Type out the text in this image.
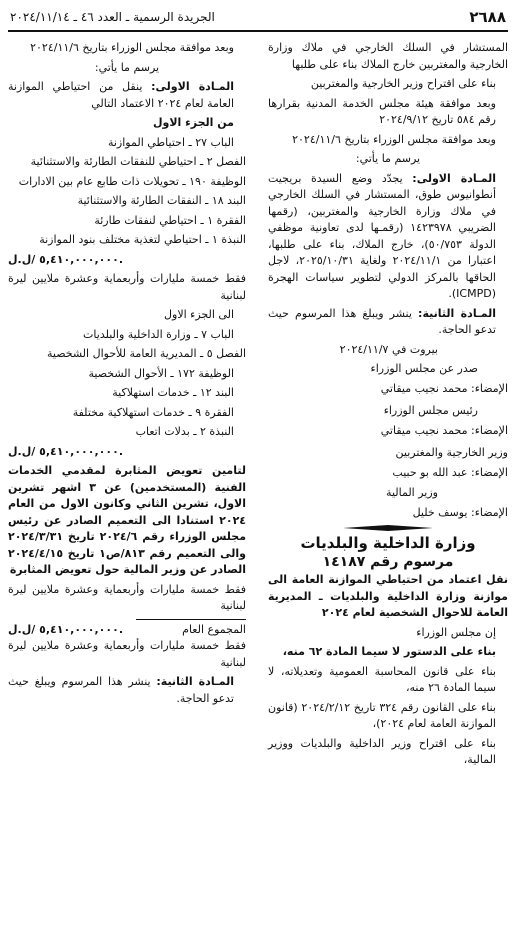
٢٦٨٨
الجريدة الرسمية ـ العدد ٤٦ ـ ٢٠٢٤/١١/١٤

المستشار في السلك الخارجي في ملاك وزارة الخارجية والمغتربين خارج الملاك بناء على طلبها

بناء على اقتراح وزير الخارجية والمغتربين

وبعد موافقة هيئة مجلس الخدمة المدنية بقرارها رقم ٥٨٤ تاريخ ٢٠٢٤/٩/١٢

وبعد موافقة مجلس الوزراء بتاريخ ٢٠٢٤/١١/٦

يرسم ما يأتي:

المـادة الاولى: يجدّد وضع السيدة بريجيت أنطوانيوس طوق، المستشار في السلك الخارجي في ملاك وزارة الخارجية والمغتربين، (رقمها الضريبي ١٤٢٣٩٧٨ (رقمـها لدى تعاونية موظفي الدولة ٥٠/٧٥٣)، خارج الملاك، بناء على طلبها، اعتبارا من ٢٠٢٤/١١/١ ولغاية ٢٠٢٥/١٠/٣١، لاجل الحاقها بالمركز الدولي لتطوير سياسات الهجرة (ICMPD).

المـادة الثانية: ينشر ويبلغ هذا المرسوم حيث تدعو الحاجة.

بيروت في ٢٠٢٤/١١/٧

صدر عن مجلس الوزراء

الإمضاء: محمد نجيب ميقاتي

رئيس مجلس الوزراء

الإمضاء: محمد نجيب ميقاتي

وزير الخارجية والمغتربين

الإمضاء: عبد الله بو حبيب

وزير المالية

الإمضاء: يوسف خليل

وزارة الداخلية والبلديات
مرسوم رقم ١٤١٨٧

نقل اعتماد من احتياطي الموازنة العامة الى موازنة وزارة الداخلية والبلديات ـ المديرية العامة للاحوال الشخصية لعام ٢٠٢٤

إن مجلس الوزراء

بناء على الدستور لا سيما المادة ٦٢ منه،

بناء على قانون المحاسبة العمومية وتعديلاته، لا سيما المادة ٢٦ منه،

بناء على القانون رقم ٣٢٤ تاريخ ٢٠٢٤/٢/١٢ (قانون الموازنة العامة لعام ٢٠٢٤)،

بناء على اقتراح وزير الداخلية والبلديات ووزير المالية،

وبعد موافقة مجلس الوزراء بتاريخ ٢٠٢٤/١١/٦

يرسم ما يأتي:

المـادة الاولى: ينقل من احتياطي الموازنة العامة لعام ٢٠٢٤ الاعتماد التالي

من الجزء الاول

الباب ٢٧ ـ احتياطي الموازنة

الفصل ٢ ـ احتياطي للنفقات الطارئة والاستثنائية

الوظيفة ١٩٠ ـ تحويلات ذات طابع عام بين الادارات

البند ١٨ ـ النفقات الطارئة والاستثنائية

الفقرة ١ ـ احتياطي لنفقات طارئة

النبذة ١ ـ احتياطي لتغذية مختلف بنود الموازنة

٥,٤١٠,٠٠٠,٠٠٠ /ل.ل.

فقط خمسة مليارات وأربعماية وعشرة ملايين ليرة لبنانية

الى الجزء الاول

الباب ٧ ـ وزارة الداخلية والبلديات

الفصل ٥ ـ المديرية العامة للأحوال الشخصية

الوظيفة ١٧٢ ـ الأحوال الشخصية

البند ١٢ ـ خدمات استهلاكية

الفقرة ٩ ـ خدمات استهلاكية مختلفة

النبذة ٢ ـ بدلات اتعاب

٥,٤١٠,٠٠٠,٠٠٠ /ل.ل.

لتامين تعويض المثابرة لمقدمي الخدمات الفنية (المستخدمين) عن ٣ اشهر تشرين الاول، تشرين الثاني وكانون الاول من العام ٢٠٢٤ استنادا الى التعميم الصادر عن رئيس مجلس الوزراء رقم ٢٠٢٤/٦ تاريخ ٢٠٢٤/٣/٣١ والى التعميم رقم ٨١٣/ص١ تاريخ ٢٠٢٤/٤/١٥ الصادر عن وزير المالية حول تعويض المثابرة

فقط خمسة مليارات وأربعماية وعشرة ملايين ليرة لبنانية

المجموع العام
٥,٤١٠,٠٠٠,٠٠٠ /ل.ل.

فقط خمسة مليارات وأربعماية وعشرة ملايين ليرة لبنانية

المـادة الثانية: ينشر هذا المرسوم ويبلغ حيث تدعو الحاجة.
